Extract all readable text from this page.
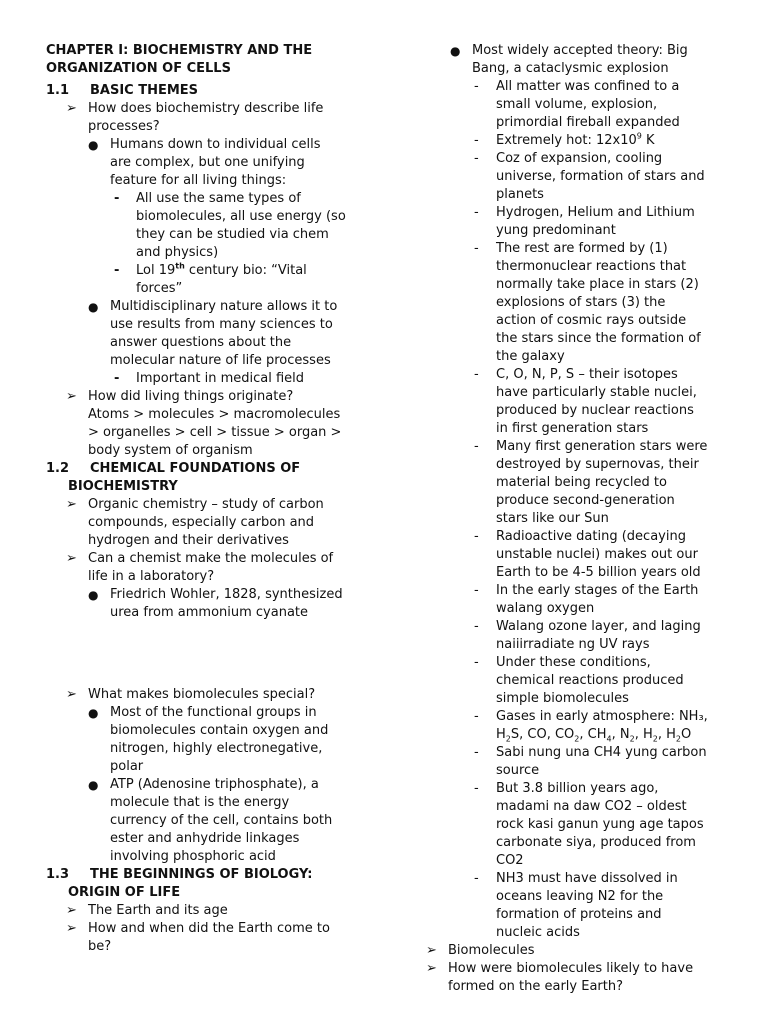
CHAPTER I: BIOCHEMISTRY AND THE
ORGANIZATION OF CELLS
1.1	BASIC THEMES
➢ How does biochemistry describe life
processes?
● Humans down to individual cells
are complex, but one unifying
feature for all living things:
-	All use the same types of
biomolecules, all use energy (so
they can be studied via chem
and physics)
-	Lol 19th century bio: “Vital
forces”
● Multidisciplinary nature allows it to
use results from many sciences to
answer questions about the
molecular nature of life processes
-	Important in medical field
➢ How did living things originate?
Atoms > molecules > macromolecules
> organelles > cell > tissue > organ >
body system of organism
1.2	CHEMICAL FOUNDATIONS OF
BIOCHEMISTRY
➢ Organic chemistry – study of carbon
compounds, especially carbon and
hydrogen and their derivatives
➢ Can a chemist make the molecules of
life in a laboratory?
● Friedrich Wohler, 1828, synthesized
urea from ammonium cyanate
➢ What makes biomolecules special?
● Most of the functional groups in
biomolecules contain oxygen and
nitrogen, highly electronegative,
polar
● ATP (Adenosine triphosphate), a
molecule that is the energy
currency of the cell, contains both
ester and anhydride linkages
involving phosphoric acid
1.3	THE BEGINNINGS OF BIOLOGY:
ORIGIN OF LIFE
➢ The Earth and its age
➢ How and when did the Earth come to
be?
● Most widely accepted theory: Big
Bang, a cataclysmic explosion
-	All matter was confined to a
small volume, explosion,
primordial fireball expanded
-	Extremely hot: $12x10^9$ K
-	Coz of expansion, cooling
universe, formation of stars and
planets
-	Hydrogen, Helium and Lithium
yung predominant
-	The rest are formed by (1)
thermonuclear reactions that
normally take place in stars (2)
explosions of stars (3) the
action of cosmic rays outside
the stars since the formation of
the galaxy
-	C, O, N, P, S – their isotopes
have particularly stable nuclei,
produced by nuclear reactions
in first generation stars
-	Many first generation stars were
destroyed by supernovas, their
material being recycled to
produce second-generation
stars like our Sun
-	Radioactive dating (decaying
unstable nuclei) makes out our
Earth to be 4-5 billion years old
-	In the early stages of the Earth
walang oxygen
-	Walang ozone layer, and laging
naiiirradiate ng UV rays
-	Under these conditions,
chemical reactions produced
simple biomolecules
-	Gases in early atmosphere: NH₃,
$H_2S$, CO, $CO_2$, $CH_4$, $N_2$, $H_2$, $H_2O$
-	Sabi nung una CH4 yung carbon
source
-	But 3.8 billion years ago,
madami na daw CO2 – oldest
rock kasi ganun yung age tapos
carbonate siya, produced from
CO2
-	NH3 must have dissolved in
oceans leaving N2 for the
formation of proteins and
nucleic acids
➢ Biomolecules
➢ How were biomolecules likely to have
formed on the early Earth?
